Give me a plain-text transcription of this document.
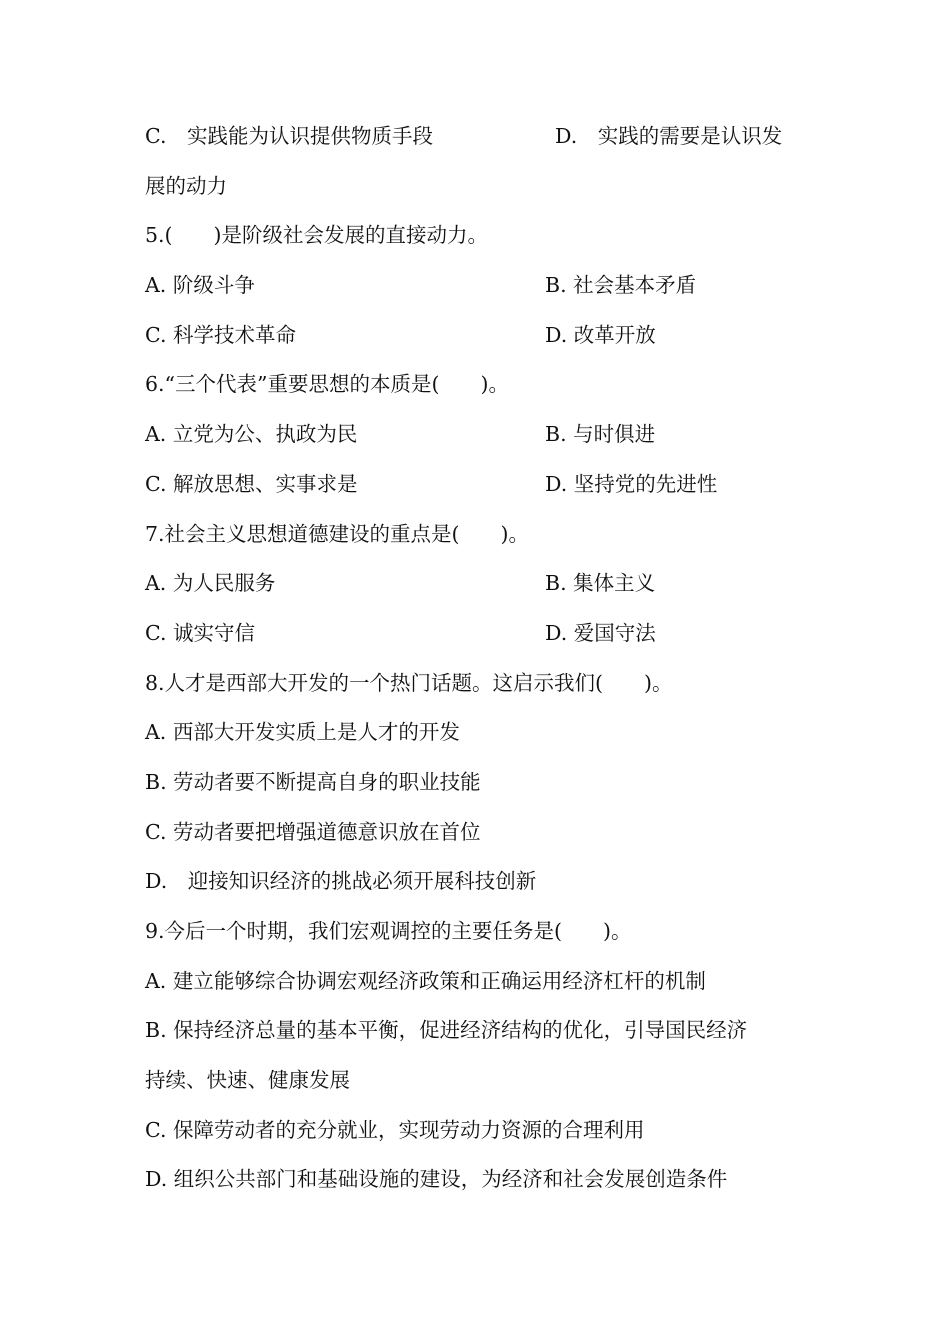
C.　实践能为认识提供物质手段	D.　实践的需要是认识发
展的动力
5.(　　)是阶级社会发展的直接动力。
A. 阶级斗争	B. 社会基本矛盾
C. 科学技术革命	D. 改革开放
6.“三个代表”重要思想的本质是(　　)。
A. 立党为公、执政为民	B. 与时俱进
C. 解放思想、实事求是	D. 坚持党的先进性
7.社会主义思想道德建设的重点是(　　)。
A. 为人民服务	B. 集体主义
C. 诚实守信	D. 爱国守法
8.人才是西部大开发的一个热门话题。这启示我们(　　)。
A. 西部大开发实质上是人才的开发
B. 劳动者要不断提高自身的职业技能
C. 劳动者要把增强道德意识放在首位
D.　迎接知识经济的挑战必须开展科技创新
9.今后一个时期，我们宏观调控的主要任务是(　　)。
A. 建立能够综合协调宏观经济政策和正确运用经济杠杆的机制
B. 保持经济总量的基本平衡，促进经济结构的优化，引导国民经济
持续、快速、健康发展
C. 保障劳动者的充分就业，实现劳动力资源的合理利用
D. 组织公共部门和基础设施的建设，为经济和社会发展创造条件
